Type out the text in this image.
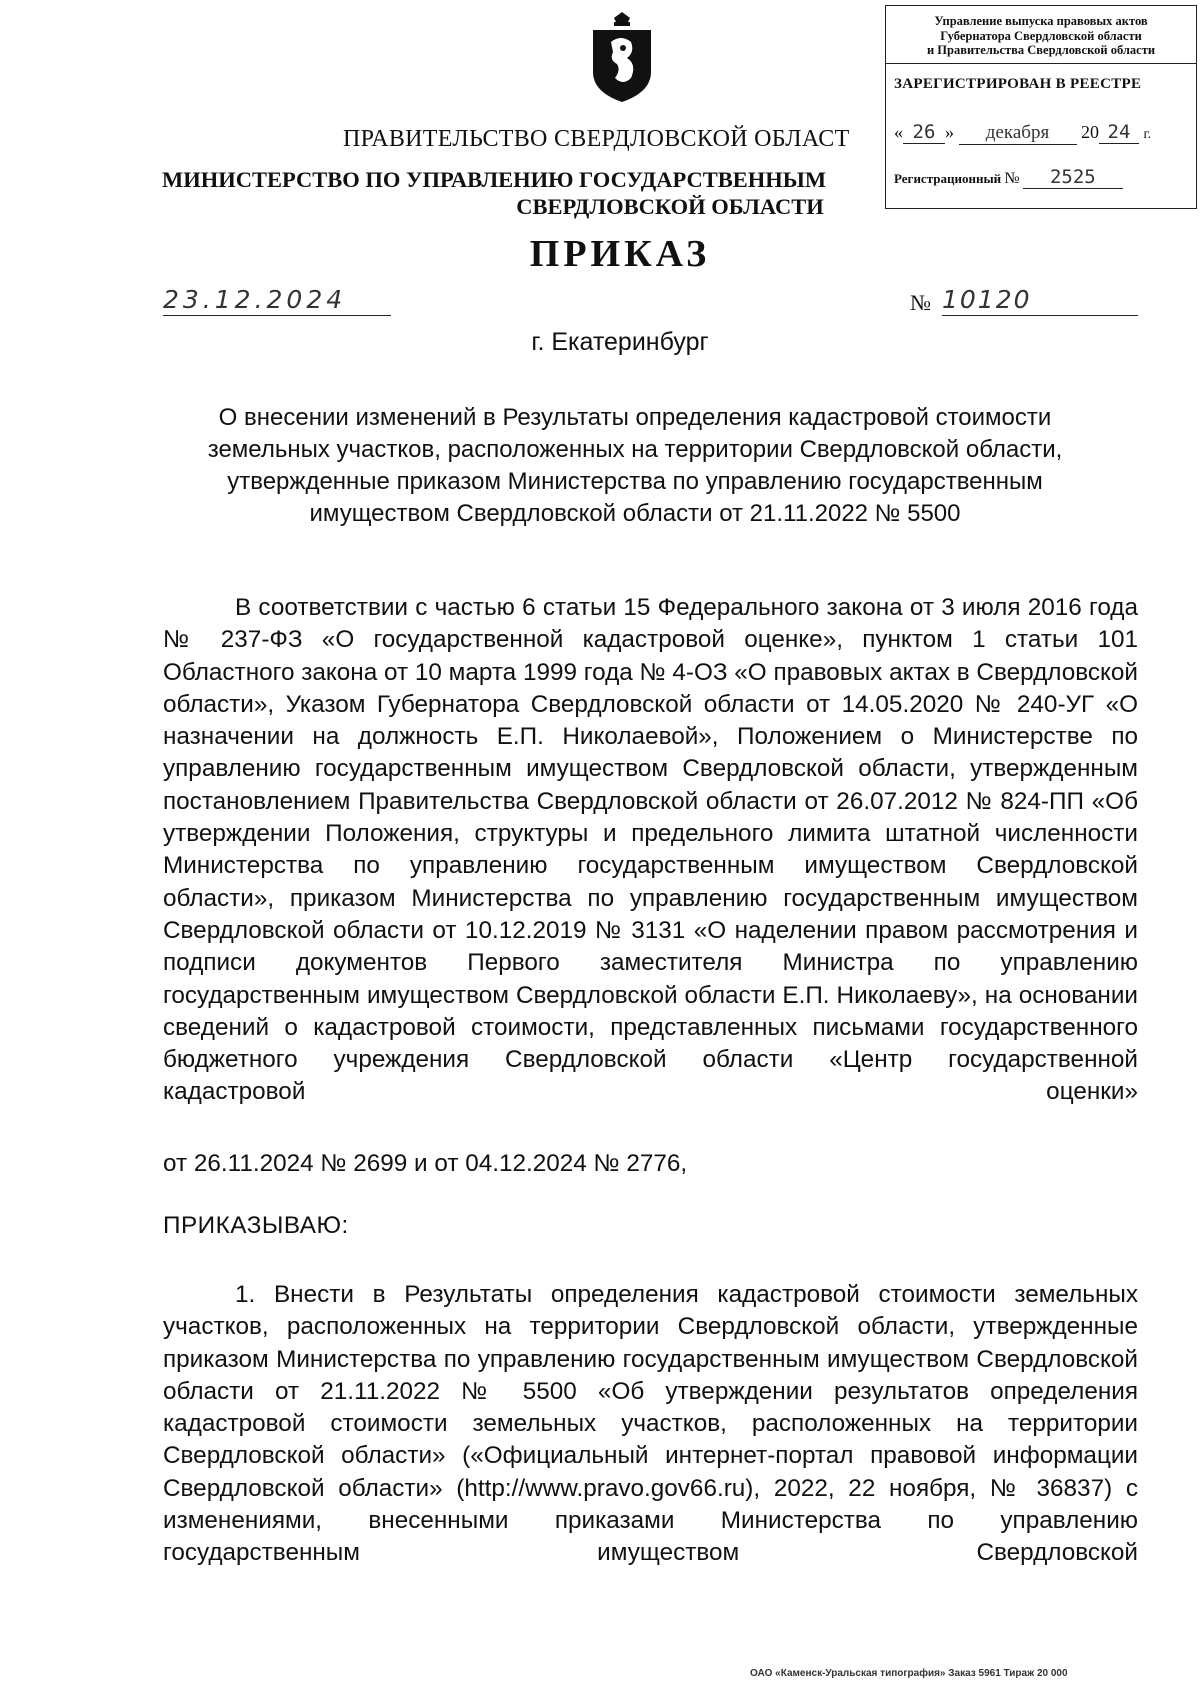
Управление выпуска правовых актов
Губернатора Свердловской области
и Правительства Свердловской области
ЗАРЕГИСТРИРОВАН В РЕЕСТРЕ
« 26 » декабря 20 24 г.
Регистрационный № 2525
ПРАВИТЕЛЬСТВО СВЕРДЛОВСКОЙ ОБЛАСТ
МИНИСТЕРСТВО ПО УПРАВЛЕНИЮ ГОСУДАРСТВЕННЫМ
СВЕРДЛОВСКОЙ ОБЛАСТИ
ПРИКАЗ
23.12.2024	№ 10120
г. Екатеринбург
О внесении изменений в Результаты определения кадастровой стоимости земельных участков, расположенных на территории Свердловской области, утвержденные приказом Министерства по управлению государственным имуществом Свердловской области от 21.11.2022 № 5500
В соответствии с частью 6 статьи 15 Федерального закона от 3 июля 2016 года № 237-ФЗ «О государственной кадастровой оценке», пунктом 1 статьи 101 Областного закона от 10 марта 1999 года № 4-ОЗ «О правовых актах в Свердловской области», Указом Губернатора Свердловской области от 14.05.2020 № 240-УГ «О назначении на должность Е.П. Николаевой», Положением о Министерстве по управлению государственным имуществом Свердловской области, утвержденным постановлением Правительства Свердловской области от 26.07.2012 № 824-ПП «Об утверждении Положения, структуры и предельного лимита штатной численности Министерства по управлению государственным имуществом Свердловской области», приказом Министерства по управлению государственным имуществом Свердловской области от 10.12.2019 № 3131 «О наделении правом рассмотрения и подписи документов Первого заместителя Министра по управлению государственным имуществом Свердловской области Е.П. Николаеву», на основании сведений о кадастровой стоимости, представленных письмами государственного бюджетного учреждения Свердловской области «Центр государственной кадастровой оценки»
от 26.11.2024 № 2699 и от 04.12.2024 № 2776,
ПРИКАЗЫВАЮ:
1. Внести в Результаты определения кадастровой стоимости земельных участков, расположенных на территории Свердловской области, утвержденные приказом Министерства по управлению государственным имуществом Свердловской области от 21.11.2022 № 5500 «Об утверждении результатов определения кадастровой стоимости земельных участков, расположенных на территории Свердловской области» («Официальный интернет-портал правовой информации Свердловской области» (http://www.pravo.gov66.ru), 2022, 22 ноября, № 36837) с изменениями, внесенными приказами Министерства по управлению государственным имуществом Свердловской
ОАО «Каменск-Уральская типография» Заказ 5961 Тираж 20 000
